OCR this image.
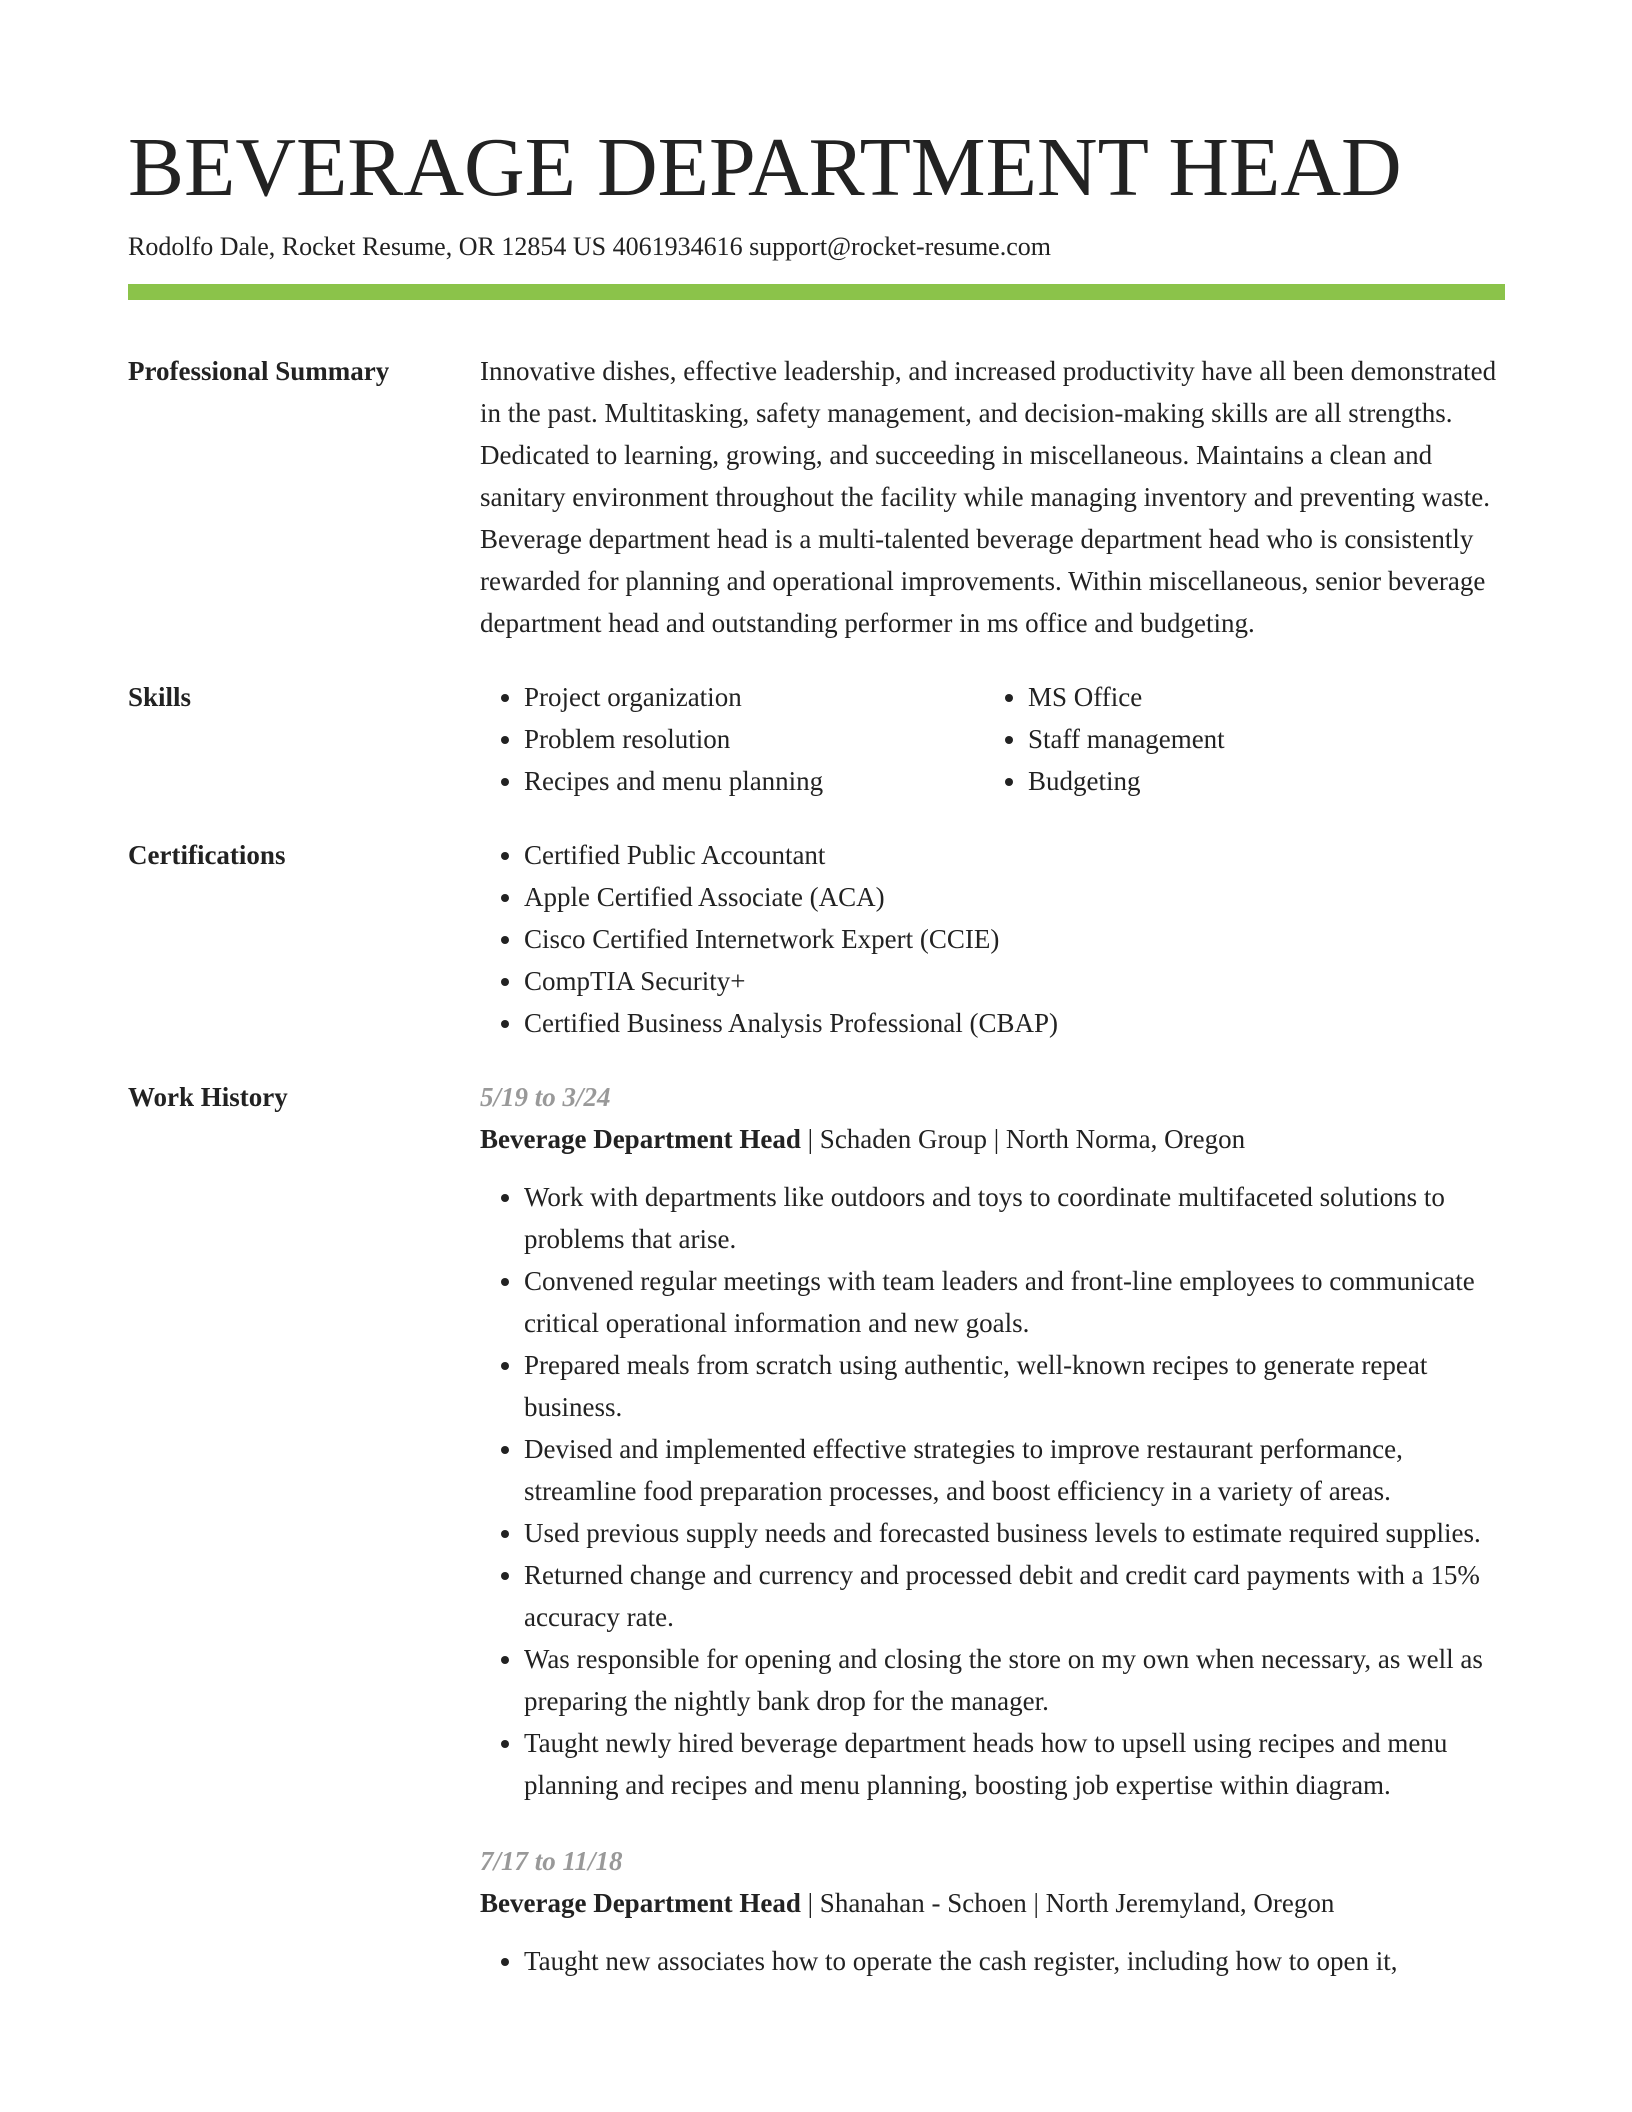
BEVERAGE DEPARTMENT HEAD
Rodolfo Dale, Rocket Resume, OR 12854 US 4061934616 support@rocket-resume.com
Professional Summary	Innovative dishes, effective leadership, and increased productivity have all been demonstrated in the past. Multitasking, safety management, and decision-making skills are all strengths. Dedicated to learning, growing, and succeeding in miscellaneous. Maintains a clean and sanitary environment throughout the facility while managing inventory and preventing waste. Beverage department head is a multi-talented beverage department head who is consistently rewarded for planning and operational improvements. Within miscellaneous, senior beverage department head and outstanding performer in ms office and budgeting.

Skills	• Project organization
• Problem resolution
• Recipes and menu planning
• MS Office
• Staff management
• Budgeting
Certifications	• Certified Public Accountant
• Apple Certified Associate (ACA)
• Cisco Certified Internetwork Expert (CCIE)
• CompTIA Security+
• Certified Business Analysis Professional (CBAP)
Work History	5/19 to 3/24
Beverage Department Head | Schaden Group | North Norma, Oregon
• Work with departments like outdoors and toys to coordinate multifaceted solutions to problems that arise.
• Convened regular meetings with team leaders and front-line employees to communicate critical operational information and new goals.
• Prepared meals from scratch using authentic, well-known recipes to generate repeat business.
• Devised and implemented effective strategies to improve restaurant performance, streamline food preparation processes, and boost efficiency in a variety of areas.
• Used previous supply needs and forecasted business levels to estimate required supplies.
• Returned change and currency and processed debit and credit card payments with a 15% accuracy rate.
• Was responsible for opening and closing the store on my own when necessary, as well as preparing the nightly bank drop for the manager.
• Taught newly hired beverage department heads how to upsell using recipes and menu planning and recipes and menu planning, boosting job expertise within diagram.
7/17 to 11/18
Beverage Department Head | Shanahan - Schoen | North Jeremyland, Oregon
• Taught new associates how to operate the cash register, including how to open it,
